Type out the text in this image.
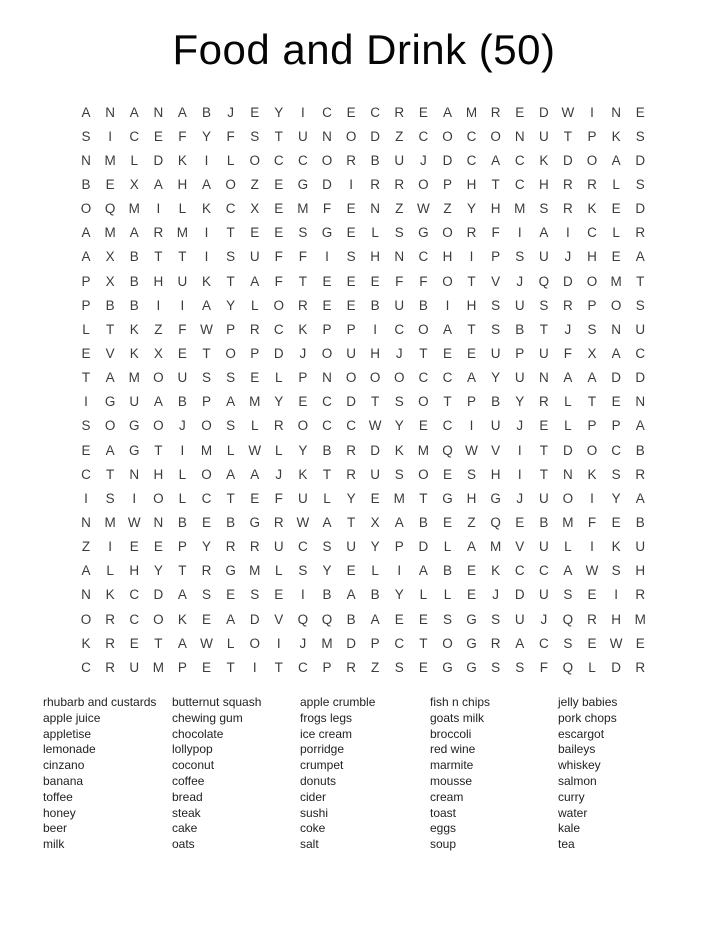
Food and Drink (50)
A	N	A	N	A	B	J	E	Y	I	C	E	C	R	E	A	M	R	E	D W	I	N	E
S	I	C	E	F	Y	F	S	T	U	N	O	D	Z	C	O	C	O	N	U	T	P	K	S
N	M	L	D	K	I	L	O	C	C	O	R	B	U	J	D	C	A	C	K	D	O	A	D
B	E	X	A	H	A	O	Z	E	G	D	I	R	R	O	P	H	T	C	H	R	R	L	S
O	Q M	I	L	K	C	X	E	M	F	E	N	Z	W	Z	Y	H	M	S	R	K	E	D
A	M	A	R	M	I	T	E	E	S	G	E	L	S	G	O	R	F	I	A	I	C	L	R
A	X	B	T	T	I	S	U	F	F	I	S	H	N	C	H	I	P	S	U	J	H	E	A
P	X	B	H	U	K	T	A	F	T	E	E	E	F	F	O	T	V	J	Q	D	O M	T
P	B	B	I	I	A	Y	L	O	R	E	E	B	U	B	I	H	S	U	S	R	P	O	S
L	T	K	Z	F	W P	R	C	K	P	P	I	C	O	A	T	S	B	T	J	S	N	U
E	V	K	X	E	T	O	P	D	J	O	U	H	J	T	E	E	U	P	U	F	X	A	C
T	A	M O	U	S	S	E	L	P	N	O	O	O	C	C	A	Y	U	N	A	A	D	D
I	G	U	A	B	P	A	M	Y	E	C	D	T	S	O	T	P	B	Y	R	L	T	E	N
S	O	G	O	J	O	S	L	R	O	C	C W Y	E	C	I	U	J	E	L	P	P	A
E	A	G	T	I	M	L	W	L	Y	B	R	D	K	M Q W V	I	T	D	O	C	B
C	T	N	H	L	O	A	A	J	K	T	R	U	S	O	E	S	H	I	T	N	K	S	R
I	S	I	O	L	C	T	E	F	U	L	Y	E	M	T	G	H	G	J	U	O	I	Y	A
N	M W N	B	E	B	G	R W A	T	X	A	B	E	Z	Q	E	B	M	F	E	B
Z	I	E	E	P	Y	R	R	U	C	S	U	Y	P	D	L	A	M	V	U	L	I	K	U
A	L	H	Y	T	R	G M	L	S	Y	E	L	I	A	B	E	K	C	C	A W S	H
N	K	C	D	A	S	E	S	E	I	B	A	B	Y	L	L	E	J	D	U	S	E	I	R
O	R	C	O	K	E	A	D	V	Q	Q	B	A	E	E	S	G	S	U	J	Q	R	H	M
K	R	E	T	A W	L	O	I	J	M	D	P	C	T	O	G	R	A	C	S	E W E
C	R	U	M	P	E	T	I	T	C	P	R	Z	S	E	G	G	S	S	F	Q	L	D	R
rhubarb and custards
apple juice
appletise
lemonade
cinzano
banana
toffee
honey
beer
milk
butternut squash
chewing gum
chocolate
lollypop
coconut
coffee
bread
steak
cake
oats
apple crumble
frogs legs
ice cream
porridge
crumpet
donuts
cider
sushi
coke
salt
fish n chips
goats milk
broccoli
red wine
marmite
mousse
cream
toast
eggs
soup
jelly babies
pork chops
escargot
baileys
whiskey
salmon
curry
water
kale
tea
